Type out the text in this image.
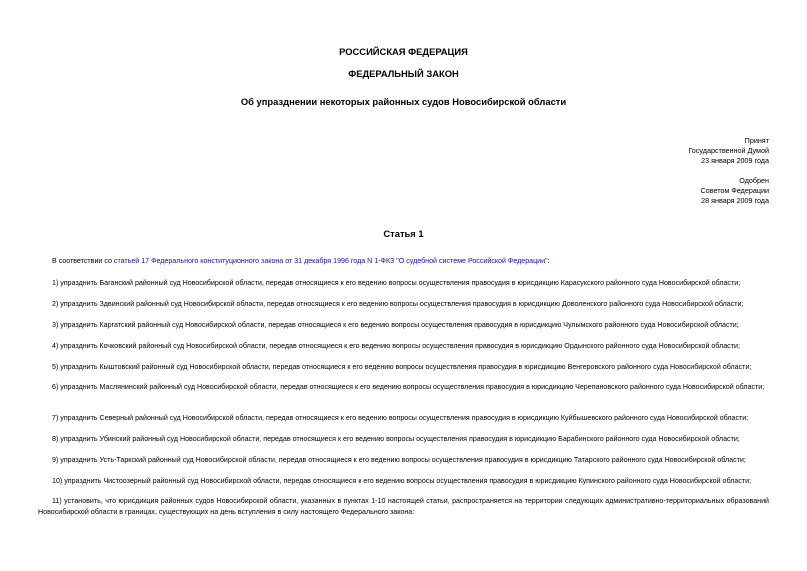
РОССИЙСКАЯ ФЕДЕРАЦИЯ
ФЕДЕРАЛЬНЫЙ ЗАКОН
Об упразднении некоторых районных судов Новосибирской области
Принят
Государственной Думой
23 января 2009 года
Одобрен
Советом Федерации
28 января 2009 года
Статья 1
В соответствии со статьей 17 Федерального конституционного закона от 31 декабря 1996 года N 1-ФКЗ "О судебной системе Российской Федерации":
1) упразднить Баганский районный суд Новосибирской области, передав относящиеся к его ведению вопросы осуществления правосудия в юрисдикцию Карасукского районного суда Новосибирской области;
2) упразднить Здвинский районный суд Новосибирской области, передав относящиеся к его ведению вопросы осуществления правосудия в юрисдикцию Доволенского районного суда Новосибирской области;
3) упразднить Каргатский районный суд Новосибирской области, передав относящиеся к его ведению вопросы осуществления правосудия в юрисдикцию Чулымского районного суда Новосибирской области;
4) упразднить Кочковский районный суд Новосибирской области, передав относящиеся к его ведению вопросы осуществления правосудия в юрисдикцию Ордынского районного суда Новосибирской области;
5) упразднить Кыштовский районный суд Новосибирской области, передав относящиеся к его ведению вопросы осуществления правосудия в юрисдикцию Венгеровского районного суда Новосибирской области;
6) упразднить Маслянинский районный суд Новосибирской области, передав относящиеся к его ведению вопросы осуществления правосудия в юрисдикцию Черепановского районного суда Новосибирской области;
7) упразднить Северный районный суд Новосибирской области, передав относящиеся к его ведению вопросы осуществления правосудия в юрисдикцию Куйбышевского районного суда Новосибирской области;
8) упразднить Убинский районный суд Новосибирской области, передав относящиеся к его ведению вопросы осуществления правосудия в юрисдикцию Барабинского районного суда Новосибирской области;
9) упразднить Усть-Таркский районный суд Новосибирской области, передав относящиеся к его ведению вопросы осуществления правосудия в юрисдикцию Татарского районного суда Новосибирской области;
10) упразднить Чистоозерный районный суд Новосибирской области, передав относящиеся к его ведению вопросы осуществления правосудия в юрисдикцию Купинского районного суда Новосибирской области;
11) установить, что юрисдикция районных судов Новосибирской области, указанных в пунктах 1-10 настоящей статьи, распространяется на территории следующих административно-территориальных образований Новосибирской области в границах, существующих на день вступления в силу настоящего Федерального закона:
